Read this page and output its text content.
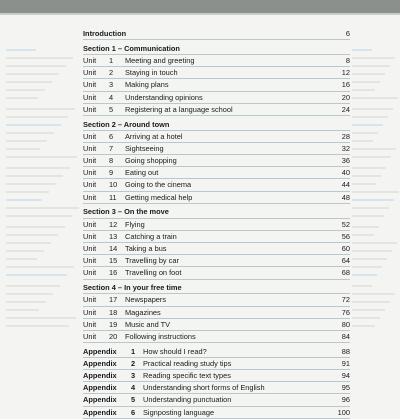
Introduction	6
Section 1 – Communication
Unit 1 Meeting and greeting	8
Unit 2 Staying in touch	12
Unit 3 Making plans	16
Unit 4 Understanding opinions	20
Unit 5 Registering at a language school	24
Section 2 – Around town
Unit 6 Arriving at a hotel	28
Unit 7 Sightseeing	32
Unit 8 Going shopping	36
Unit 9 Eating out	40
Unit 10 Going to the cinema	44
Unit 11 Getting medical help	48
Section 3 – On the move
Unit 12 Flying	52
Unit 13 Catching a train	56
Unit 14 Taking a bus	60
Unit 15 Travelling by car	64
Unit 16 Travelling on foot	68
Section 4 – In your free time
Unit 17 Newspapers	72
Unit 18 Magazines	76
Unit 19 Music and TV	80
Unit 20 Following instructions	84
Appendix 1 How should I read?	88
Appendix 2 Practical reading study tips	91
Appendix 3 Reading specific text types	94
Appendix 4 Understanding short forms of English	95
Appendix 5 Understanding punctuation	96
Appendix 6 Signposting language	100
